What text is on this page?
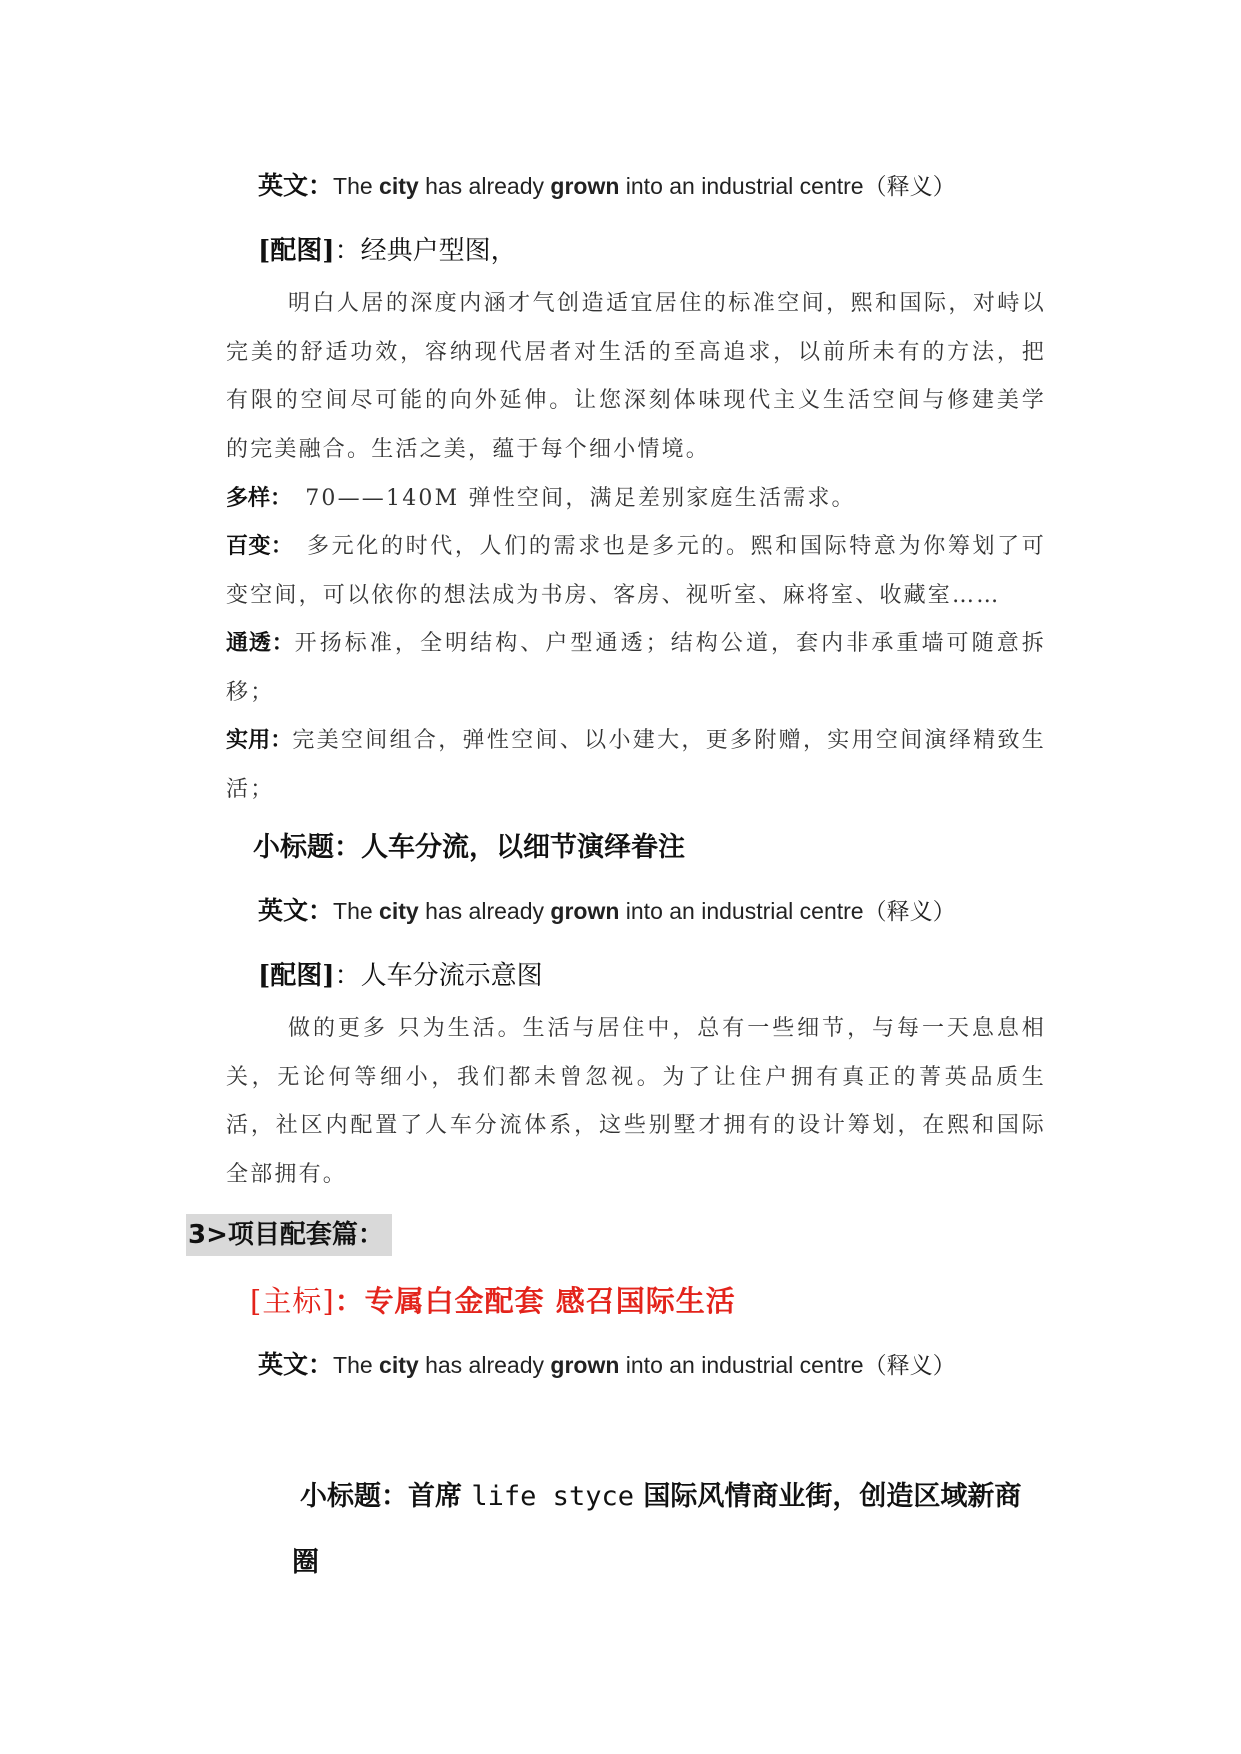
英文：The city has already grown into an industrial centre（释义）
[配图]：经典户型图，

明白人居的深度内涵才气创造适宜居住的标准空间，熙和国际，对峙以完美的舒适功效，容纳现代居者对生活的至高追求，以前所未有的方法，把有限的空间尽可能的向外延伸。让您深刻体味现代主义生活空间与修建美学的完美融合。生活之美，蕴于每个细小情境。

多样：　70——140M 弹性空间，满足差别家庭生活需求。

百变：　多元化的时代，人们的需求也是多元的。熙和国际特意为你筹划了可变空间，可以依你的想法成为书房、客房、视听室、麻将室、收藏室……

通透：开扬标准，全明结构、户型通透；结构公道，套内非承重墙可随意拆移；

实用：完美空间组合，弹性空间、以小建大，更多附赠，实用空间演绎精致生活；

小标题：人车分流，以细节演绎眷注
英文：The city has already grown into an industrial centre（释义）
[配图]：人车分流示意图

做的更多 只为生活。生活与居住中，总有一些细节，与每一天息息相关，无论何等细小，我们都未曾忽视。为了让住户拥有真正的菁英品质生活，社区内配置了人车分流体系，这些别墅才拥有的设计筹划，在熙和国际全部拥有。

3>项目配套篇：
[主标]：专属白金配套 感召国际生活
英文：The city has already grown into an industrial centre（释义）
小标题：首席 life styce 国际风情商业街，创造区域新商
圈
